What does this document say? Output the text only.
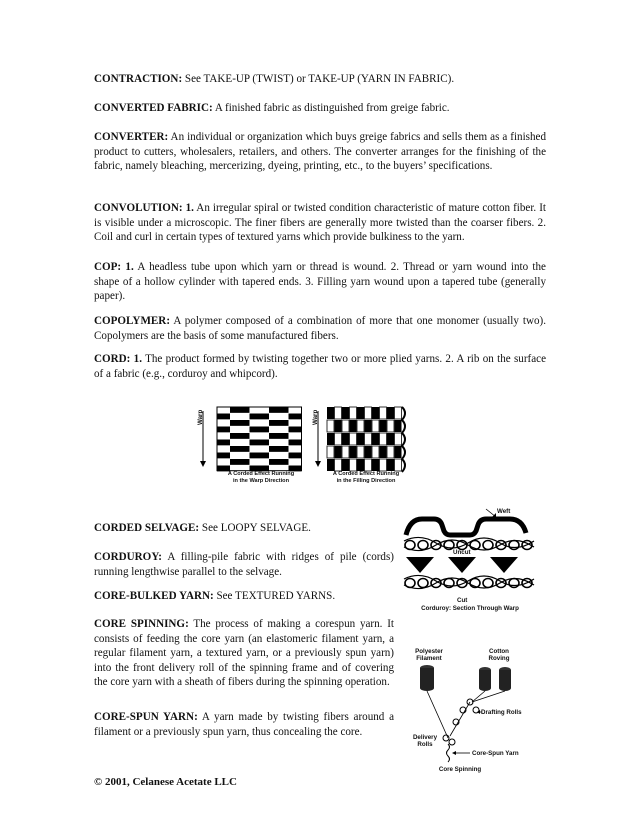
CONTRACTION: See TAKE-UP (TWIST) or TAKE-UP (YARN IN FABRIC).

CONVERTED FABRIC: A finished fabric as distinguished from greige fabric.

CONVERTER: An individual or organization which buys greige fabrics and sells them as a finished product to cutters, wholesalers, retailers, and others. The converter arranges for the finishing of the fabric, namely bleaching, mercerizing, dyeing, printing, etc., to the buyers’ specifications.

CONVOLUTION: 1. An irregular spiral or twisted condition characteristic of mature cotton fiber. It is visible under a microscopic. The finer fibers are generally more twisted than the coarser fibers. 2. Coil and curl in certain types of textured yarns which provide bulkiness to the yarn.

COP: 1. A headless tube upon which yarn or thread is wound. 2. Thread or yarn wound into the shape of a hollow cylinder with tapered ends. 3. Filling yarn wound upon a tapered tube (generally paper).

COPOLYMER: A polymer composed of a combination of more that one monomer (usually two). Copolymers are the basis of some manufactured fibers.

CORD: 1. The product formed by twisting together two or more plied yarns. 2. A rib on the surface of a fabric (e.g., corduroy and whipcord).

Warp	Warp
A Corded Effect Running
in the Warp Direction
A Corded Effect Running
in the Filling Direction

CORDED SELVAGE: See LOOPY SELVAGE.

CORDUROY: A filling-pile fabric with ridges of pile (cords) running lengthwise parallel to the selvage.

CORE-BULKED YARN: See TEXTURED YARNS.

CORE SPINNING: The process of making a corespun yarn. It consists of feeding the core yarn (an elastomeric filament yarn, a regular filament yarn, a textured yarn, or a previously spun yarn) into the front delivery roll of the spinning frame and of covering the core yarn with a sheath of fibers during the spinning operation.

CORE-SPUN YARN: A yarn made by twisting fibers around a filament or a previously spun yarn, thus concealing the core.

Weft
Uncut
Cut
Corduroy: Section Through Warp
Polyester
Filament
Cotton
Roving
Drafting Rolls
Delivery
Rolls
Core-Spun Yarn
Core Spinning
© 2001, Celanese Acetate LLC
